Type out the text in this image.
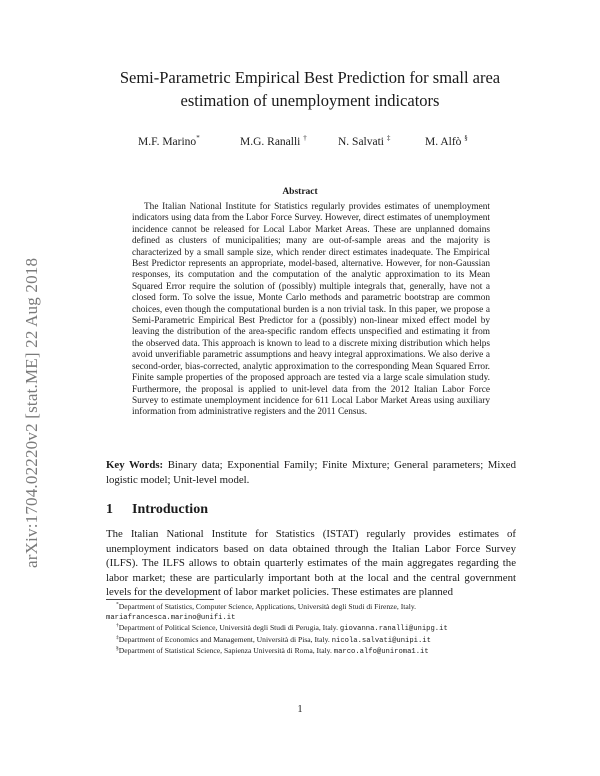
arXiv:1704.02220v2 [stat.ME] 22 Aug 2018
Semi-Parametric Empirical Best Prediction for small area estimation of unemployment indicators
M.F. Marino*	M.G. Ranalli †	N. Salvati ‡	M. Alfò §
Abstract
The Italian National Institute for Statistics regularly provides estimates of unemployment indicators using data from the Labor Force Survey. However, direct estimates of unemployment incidence cannot be released for Local Labor Market Areas. These are unplanned domains defined as clusters of municipalities; many are out-of-sample areas and the majority is characterized by a small sample size, which render direct estimates inadequate. The Empirical Best Predictor represents an appropriate, model-based, alternative. However, for non-Gaussian responses, its computation and the computation of the analytic approximation to its Mean Squared Error require the solution of (possibly) multiple integrals that, generally, have not a closed form. To solve the issue, Monte Carlo methods and parametric bootstrap are common choices, even though the computational burden is a non trivial task. In this paper, we propose a Semi-Parametric Empirical Best Predictor for a (possibly) non-linear mixed effect model by leaving the distribution of the area-specific random effects unspecified and estimating it from the observed data. This approach is known to lead to a discrete mixing distribution which helps avoid unverifiable parametric assumptions and heavy integral approximations. We also derive a second-order, bias-corrected, analytic approximation to the corresponding Mean Squared Error. Finite sample properties of the proposed approach are tested via a large scale simulation study. Furthermore, the proposal is applied to unit-level data from the 2012 Italian Labor Force Survey to estimate unemployment incidence for 611 Local Labor Market Areas using auxiliary information from administrative registers and the 2011 Census.
Key Words: Binary data; Exponential Family; Finite Mixture; General parameters; Mixed logistic model; Unit-level model.
1 Introduction
The Italian National Institute for Statistics (ISTAT) regularly provides estimates of unemployment indicators based on data obtained through the Italian Labor Force Survey (ILFS). The ILFS allows to obtain quarterly estimates of the main aggregates regarding the labor market; these are particularly important both at the local and the central government levels for the development of labor market policies. These estimates are planned

*Department of Statistics, Computer Science, Applications, Università degli Studi di Firenze, Italy.
mariafrancesca.marino@unifi.it

†Department of Political Science, Università degli Studi di Perugia, Italy. giovanna.ranalli@unipg.it

‡Department of Economics and Management, Università di Pisa, Italy. nicola.salvati@unipi.it

§Department of Statistical Science, Sapienza Università di Roma, Italy. marco.alfo@uniroma1.it

1
